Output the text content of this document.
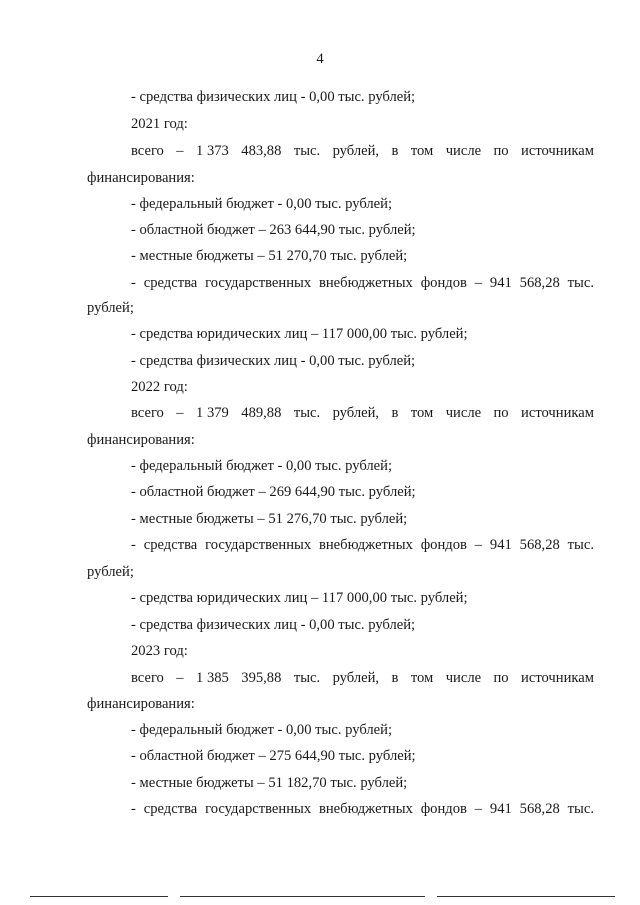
4
- средства физических лиц - 0,00 тыс. рублей;
2021 год:
всего – 1 373 483,88 тыс. рублей, в том числе по источникам
финансирования:
- федеральный бюджет - 0,00 тыс. рублей;
- областной бюджет – 263 644,90 тыс. рублей;
- местные бюджеты – 51 270,70 тыс. рублей;
- средства государственных внебюджетных фондов – 941 568,28 тыс.
рублей;
- средства юридических лиц – 117 000,00 тыс. рублей;
- средства физических лиц - 0,00 тыс. рублей;
2022 год:
всего – 1 379 489,88 тыс. рублей, в том числе по источникам
финансирования:
- федеральный бюджет - 0,00 тыс. рублей;
- областной бюджет – 269 644,90 тыс. рублей;
- местные бюджеты – 51 276,70 тыс. рублей;
- средства государственных внебюджетных фондов – 941 568,28 тыс.
рублей;
- средства юридических лиц – 117 000,00 тыс. рублей;
- средства физических лиц - 0,00 тыс. рублей;
2023 год:
всего – 1 385 395,88 тыс. рублей, в том числе по источникам
финансирования:
- федеральный бюджет - 0,00 тыс. рублей;
- областной бюджет – 275 644,90 тыс. рублей;
- местные бюджеты – 51 182,70 тыс. рублей;
- средства государственных внебюджетных фондов – 941 568,28 тыс.
